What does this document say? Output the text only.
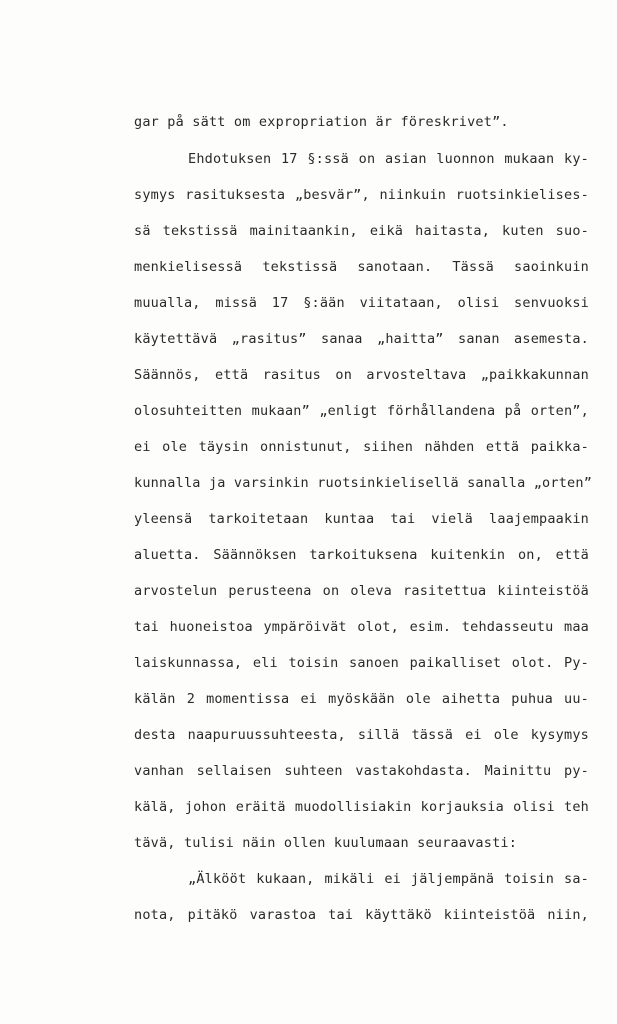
gar på sätt om expropriation är föreskrivet”.
Ehdotuksen 17 §:ssä on asian luonnon mukaan ky-
symys rasituksesta „besvär”, niinkuin ruotsinkielises-
sä tekstissä mainitaankin, eikä haitasta, kuten suo-
menkielisessä tekstissä sanotaan. Tässä saoinkuin
muualla, missä 17 §:ään viitataan, olisi senvuoksi
käytettävä „rasitus” sanaa „haitta” sanan asemesta.
Säännös, että rasitus on arvosteltava „paikkakunnan
olosuhteitten mukaan” „enligt förhållandena på orten”,
ei ole täysin onnistunut, siihen nähden että paikka-
kunnalla ja varsinkin ruotsinkielisellä sanalla „orten”
yleensä tarkoitetaan kuntaa tai vielä laajempaakin
aluetta. Säännöksen tarkoituksena kuitenkin on, että
arvostelun perusteena on oleva rasitettua kiinteistöä
tai huoneistoa ympäröivät olot, esim. tehdasseutu maa
laiskunnassa, eli toisin sanoen paikalliset olot. Py-
kälän 2 momentissa ei myöskään ole aihetta puhua uu-
desta naapuruussuhteesta, sillä tässä ei ole kysymys
vanhan sellaisen suhteen vastakohdasta. Mainittu py-
kälä, johon eräitä muodollisiakin korjauksia olisi teh
tävä, tulisi näin ollen kuulumaan seuraavasti:
„Älkööt kukaan, mikäli ei jäljempänä toisin sa-
nota, pitäkö varastoa tai käyttäkö kiinteistöä niin,
